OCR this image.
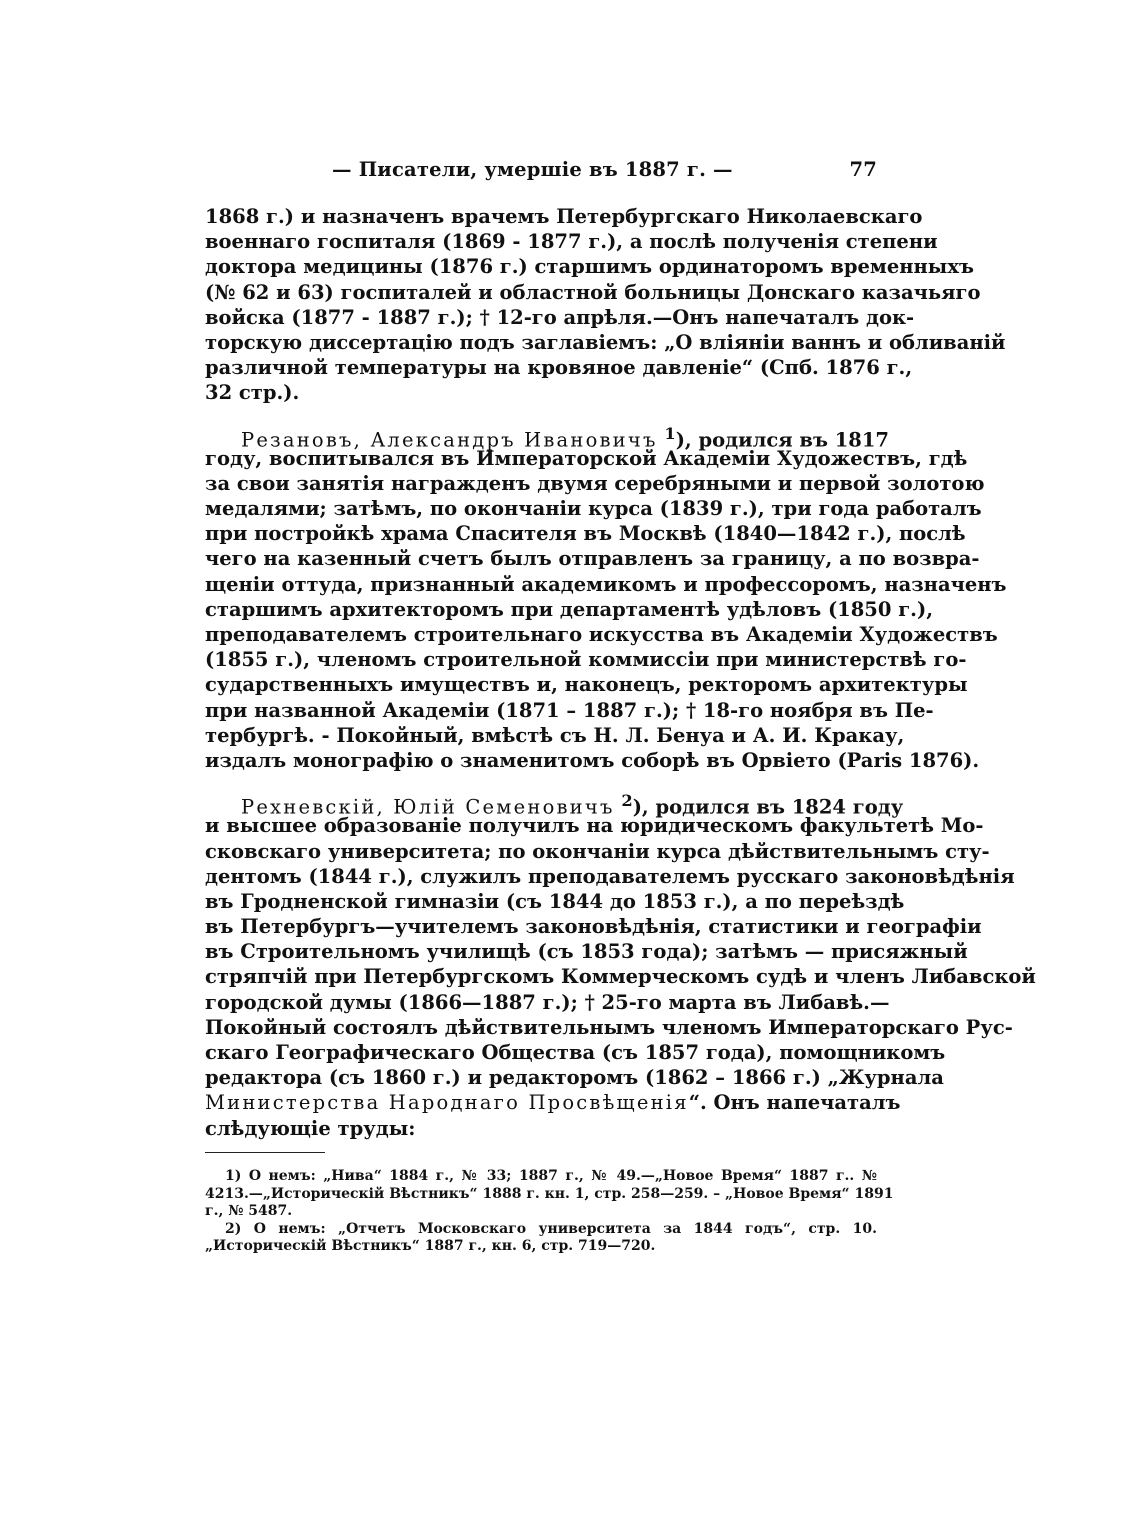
— Писатели, умершіе въ 1887 г. —	77
1868 г.) и назначенъ врачемъ Петербургскаго Николаевскаго
военнаго госпиталя (1869 - 1877 г.), а послѣ полученія степени
доктора медицины (1876 г.) старшимъ ординаторомъ временныхъ
(№ 62 и 63) госпиталей и областной больницы Донскаго казачьяго
войска (1877 - 1887 г.); † 12-го апрѣля.—Онъ напечаталъ док-
торскую диссертацію подъ заглавіемъ: „О вліяніи ваннъ и обливаній
различной температуры на кровяное давленіе“ (Спб. 1876 г.,
32 стр.).
Резановъ, Александръ Ивановичъ $^1$), родился въ 1817
году, воспитывался въ Императорской Академіи Художествъ, гдѣ
за свои занятія награжденъ двумя серебряными и первой золотою
медалями; затѣмъ, по окончаніи курса (1839 г.), три года работалъ
при постройкѣ храма Спасителя въ Москвѣ (1840—1842 г.), послѣ
чего на казенный счетъ былъ отправленъ за границу, а по возвра-
щеніи оттуда, признанный академикомъ и профессоромъ, назначенъ
старшимъ архитекторомъ при департаментѣ удѣловъ (1850 г.),
преподавателемъ строительнаго искусства въ Академіи Художествъ
(1855 г.), членомъ строительной коммиссіи при министерствѣ го-
сударственныхъ имуществъ и, наконецъ, ректоромъ архитектуры
при названной Академіи (1871 – 1887 г.); † 18-го ноября въ Пе-
тербургѣ. - Покойный, вмѣстѣ съ Н. Л. Бенуа и А. И. Кракау,
издалъ монографію о знаменитомъ соборѣ въ Орвіето (Paris 1876).
Рехневскій, Юлій Семеновичъ $^2$), родился въ 1824 году
и высшее образованіе получилъ на юридическомъ факультетѣ Мо-
сковскаго университета; по окончаніи курса дѣйствительнымъ сту-
дентомъ (1844 г.), служилъ преподавателемъ русскаго законовѣдѣнія
въ Гродненской гимназіи (съ 1844 до 1853 г.), а по переѣздѣ
въ Петербургъ—учителемъ законовѣдѣнія, статистики и географіи
въ Строительномъ училищѣ (съ 1853 года); затѣмъ — присяжный
стряпчій при Петербургскомъ Коммерческомъ судѣ и членъ Либавской
городской думы (1866—1887 г.); † 25-го марта въ Либавѣ.—
Покойный состоялъ дѣйствительнымъ членомъ Императорскаго Рус-
скаго Географическаго Общества (съ 1857 года), помощникомъ
редактора (съ 1860 г.) и редакторомъ (1862 – 1866 г.) „Журнала
Министерства Народнаго Просвѣщенія“. Онъ напечаталъ
слѣдующіе труды:
1) О немъ: „Нива“ 1884 г., № 33; 1887 г., № 49.—„Новое Время“ 1887 г.. №
4213.—„Историческій Вѣстникъ“ 1888 г. кн. 1, стр. 258—259. – „Новое Время“ 1891
г., № 5487.
2) О немъ: „Отчетъ Московскаго университета за 1844 годъ“, стр. 10.
„Историческій Вѣстникъ“ 1887 г., кн. 6, стр. 719—720.
